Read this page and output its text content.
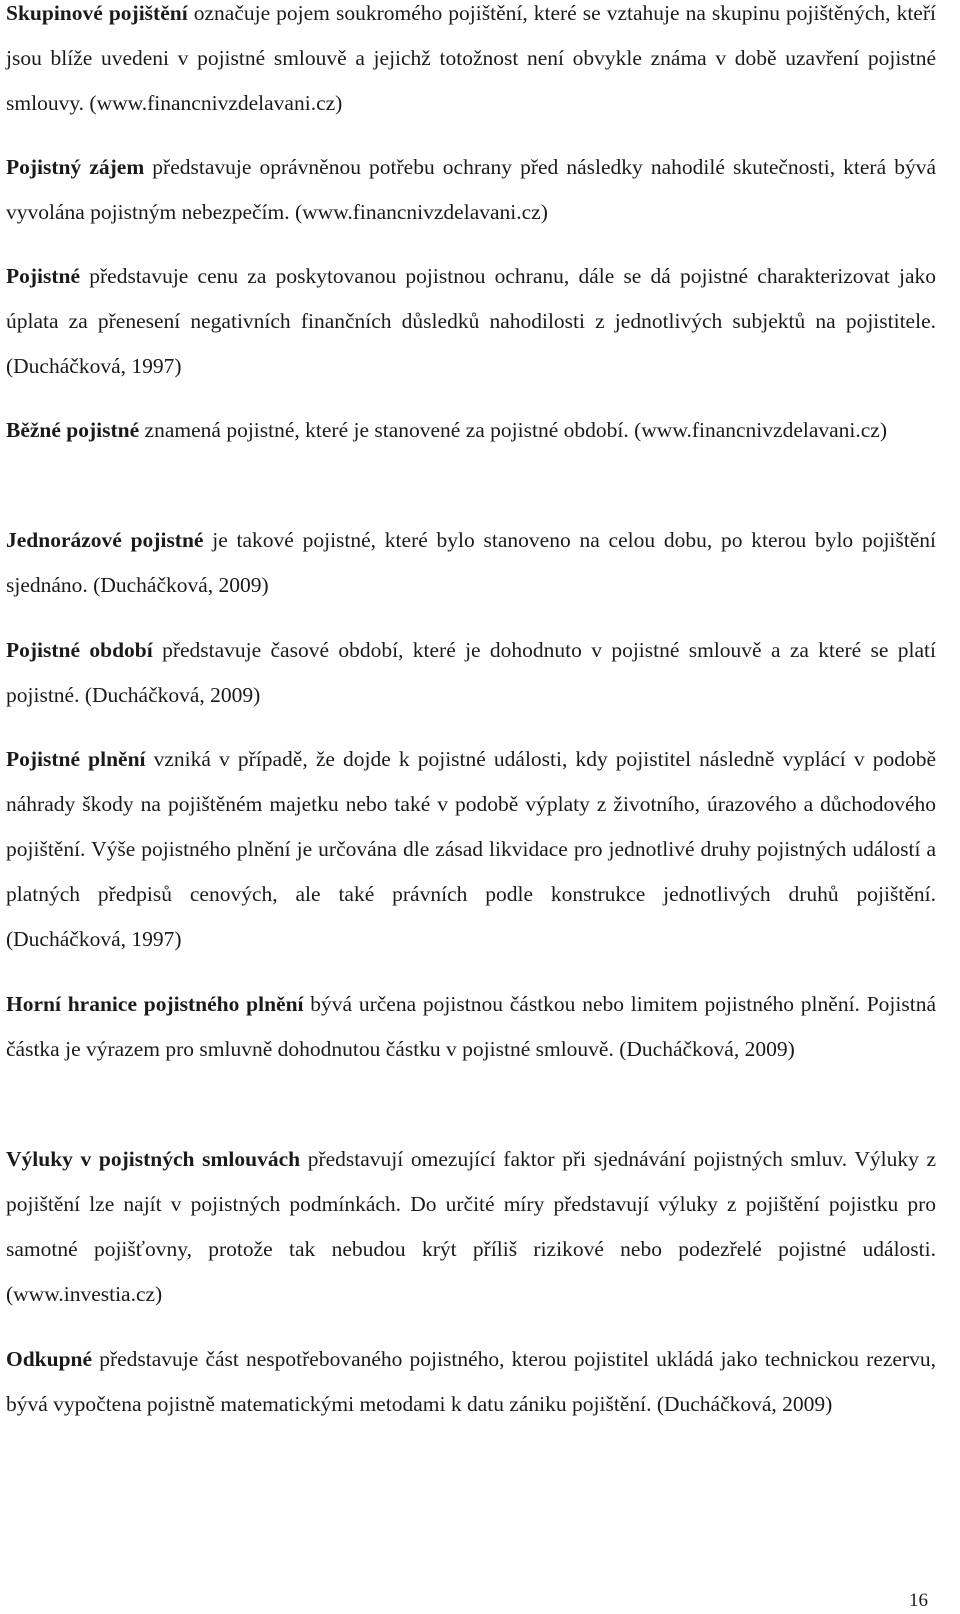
Skupinové pojištění označuje pojem soukromého pojištění, které se vztahuje na skupinu pojištěných, kteří jsou blíže uvedeni v pojistné smlouvě a jejichž totožnost není obvykle známa v době uzavření pojistné smlouvy. (www.financnivzdelavani.cz)

Pojistný zájem představuje oprávněnou potřebu ochrany před následky nahodilé skutečnosti, která bývá vyvolána pojistným nebezpečím. (www.financnivzdelavani.cz)

Pojistné představuje cenu za poskytovanou pojistnou ochranu, dále se dá pojistné charakterizovat jako úplata za přenesení negativních finančních důsledků nahodilosti z jednotlivých subjektů na pojistitele. (Ducháčková, 1997)

Běžné pojistné znamená pojistné, které je stanovené za pojistné období. (www.financnivzdelavani.cz)

Jednorázové pojistné je takové pojistné, které bylo stanoveno na celou dobu, po kterou bylo pojištění sjednáno. (Ducháčková, 2009)

Pojistné období představuje časové období, které je dohodnuto v pojistné smlouvě a za které se platí pojistné. (Ducháčková, 2009)

Pojistné plnění vzniká v případě, že dojde k pojistné události, kdy pojistitel následně vyplácí v podobě náhrady škody na pojištěném majetku nebo také v podobě výplaty z životního, úrazového a důchodového pojištění. Výše pojistného plnění je určována dle zásad likvidace pro jednotlivé druhy pojistných událostí a platných předpisů cenových, ale také právních podle konstrukce jednotlivých druhů pojištění. (Ducháčková, 1997)

Horní hranice pojistného plnění bývá určena pojistnou částkou nebo limitem pojistného plnění. Pojistná částka je výrazem pro smluvně dohodnutou částku v pojistné smlouvě. (Ducháčková, 2009)

Výluky v pojistných smlouvách představují omezující faktor při sjednávání pojistných smluv. Výluky z pojištění lze najít v pojistných podmínkách. Do určité míry představují výluky z pojištění pojistku pro samotné pojišťovny, protože tak nebudou krýt příliš rizikové nebo podezřelé pojistné události. (www.investia.cz)

Odkupné představuje část nespotřebovaného pojistného, kterou pojistitel ukládá jako technickou rezervu, bývá vypočtena pojistně matematickými metodami k datu zániku pojištění. (Ducháčková, 2009)

16
